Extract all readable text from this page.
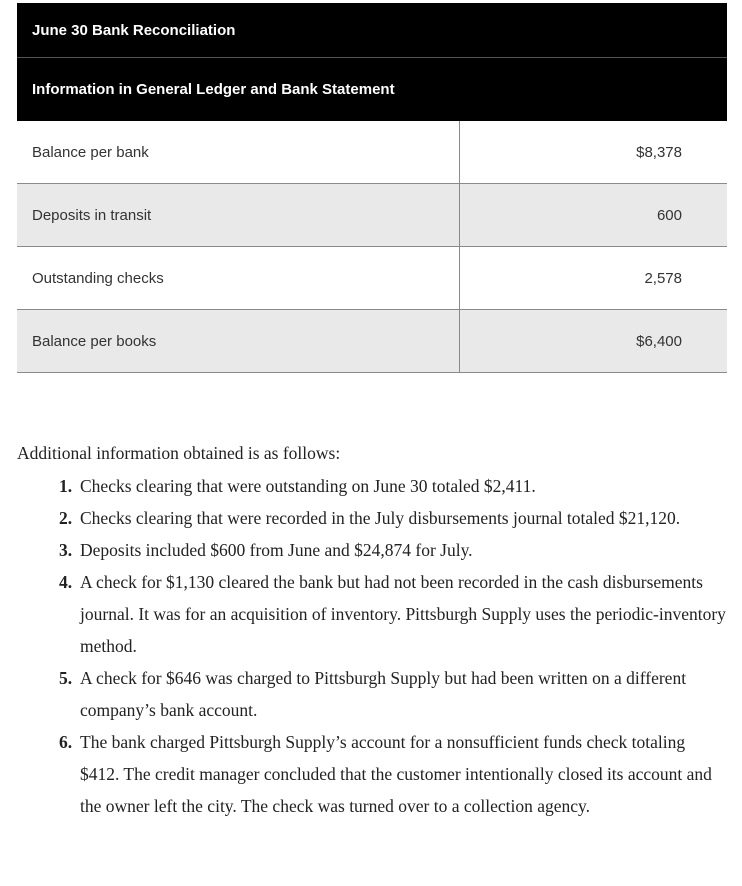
June 30 Bank Reconciliation
Information in General Ledger and Bank Statement
Balance per bank	$8,378
Deposits in transit	600
Outstanding checks	2,578
Balance per books	$6,400
Additional information obtained is as follows:
1. Checks clearing that were outstanding on June 30 totaled $2,411.
2. Checks clearing that were recorded in the July disbursements journal totaled $21,120.
3. Deposits included $600 from June and $24,874 for July.
4. A check for $1,130 cleared the bank but had not been recorded in the cash disbursements journal. It was for an acquisition of inventory. Pittsburgh Supply uses the periodic-inventory method.
5. A check for $646 was charged to Pittsburgh Supply but had been written on a different company’s bank account.
6. The bank charged Pittsburgh Supply’s account for a nonsufficient funds check totaling $412. The credit manager concluded that the customer intentionally closed its account and the owner left the city. The check was turned over to a collection agency.
